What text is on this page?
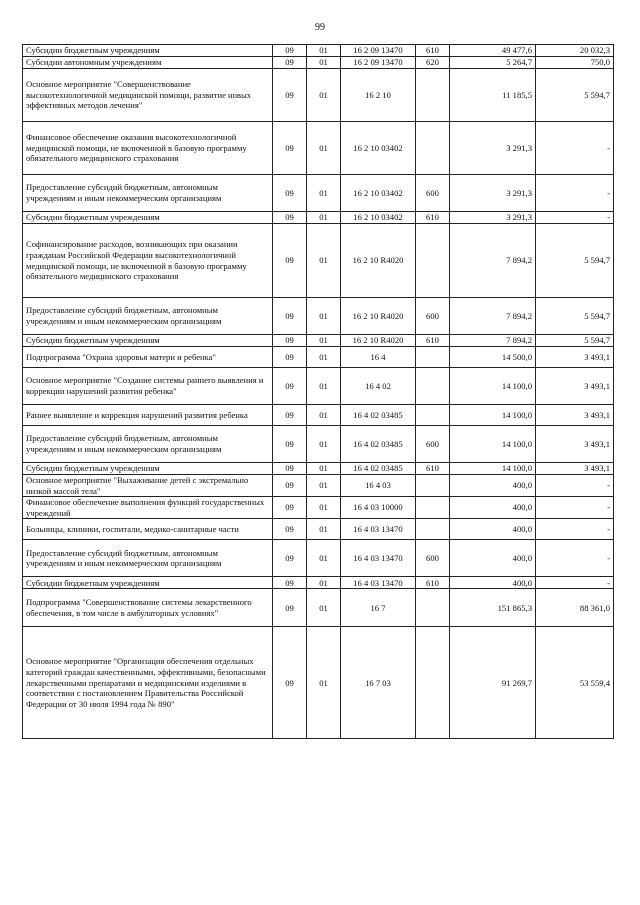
99
Субсидии бюджетным учреждениям	09	01	16 2 09 13470	610	49 477,6	20 032,3
Субсидии автономным учреждениям	09	01	16 2 09 13470	620	5 264,7	750,0
Основное мероприятие "Совершенствование высокотехнологичной медицинской помощи, развитие новых эффективных методов лечения"	09	01	16 2 10		11 185,5	5 594,7
Финансовое обеспечение оказания высокотехнологичной медицинской помощи, не включенной в базовую программу обязательного медицинского страхования	09	01	16 2 10 03402		3 291,3	-
Предоставление субсидий бюджетным, автономным учреждениям и иным некоммерческим организациям	09	01	16 2 10 03402	600	3 291,3	-
Субсидии бюджетным учреждениям	09	01	16 2 10 03402	610	3 291,3	-
Софинансирование расходов, возникающих при оказании гражданам Российской Федерации высокотехнологичной медицинской помощи, не включенной в базовую программу обязательного медицинского страхования	09	01	16 2 10 R4020		7 894,2	5 594,7
Предоставление субсидий бюджетным, автономным учреждениям и иным некоммерческим организациям	09	01	16 2 10 R4020	600	7 894,2	5 594,7
Субсидии бюджетным учреждениям	09	01	16 2 10 R4020	610	7 894,2	5 594,7
Подпрограмма "Охрана здоровья матери и ребенка"	09	01	16 4		14 500,0	3 493,1
Основное мероприятие "Создание системы раннего выявления и коррекции нарушений развития ребенка"	09	01	16 4 02		14 100,0	3 493,1
Раннее выявление и коррекция нарушений развития ребенка	09	01	16 4 02 03485		14 100,0	3 493,1
Предоставление субсидий бюджетным, автономным учреждениям и иным некоммерческим организациям	09	01	16 4 02 03485	600	14 100,0	3 493,1
Субсидии бюджетным учреждениям	09	01	16 4 02 03485	610	14 100,0	3 493,1
Основное мероприятие "Выхаживание детей с экстремально низкой массой тела"	09	01	16 4 03		400,0	-
Финансовое обеспечение выполнения функций государственных учреждений	09	01	16 4 03 10000		400,0	-
Больницы, клиники, госпитали, медико-санитарные части	09	01	16 4 03 13470		400,0	-
Предоставление субсидий бюджетным, автономным учреждениям и иным некоммерческим организациям	09	01	16 4 03 13470	600	400,0	-
Субсидии бюджетным учреждениям	09	01	16 4 03 13470	610	400,0	-
Подпрограмма "Совершенствование системы лекарственного обеспечения, в том числе в амбулаторных условиях"	09	01	16 7		151 865,3	88 361,0
Основное мероприятие "Организация обеспечения отдельных категорий граждан качественными, эффективными, безопасными лекарственными препаратами и медицинскими изделиями в соответствии с постановлением Правительства Российской Федерации от 30 июля 1994 года № 890"	09	01	16 7 03		91 269,7	53 559,4
